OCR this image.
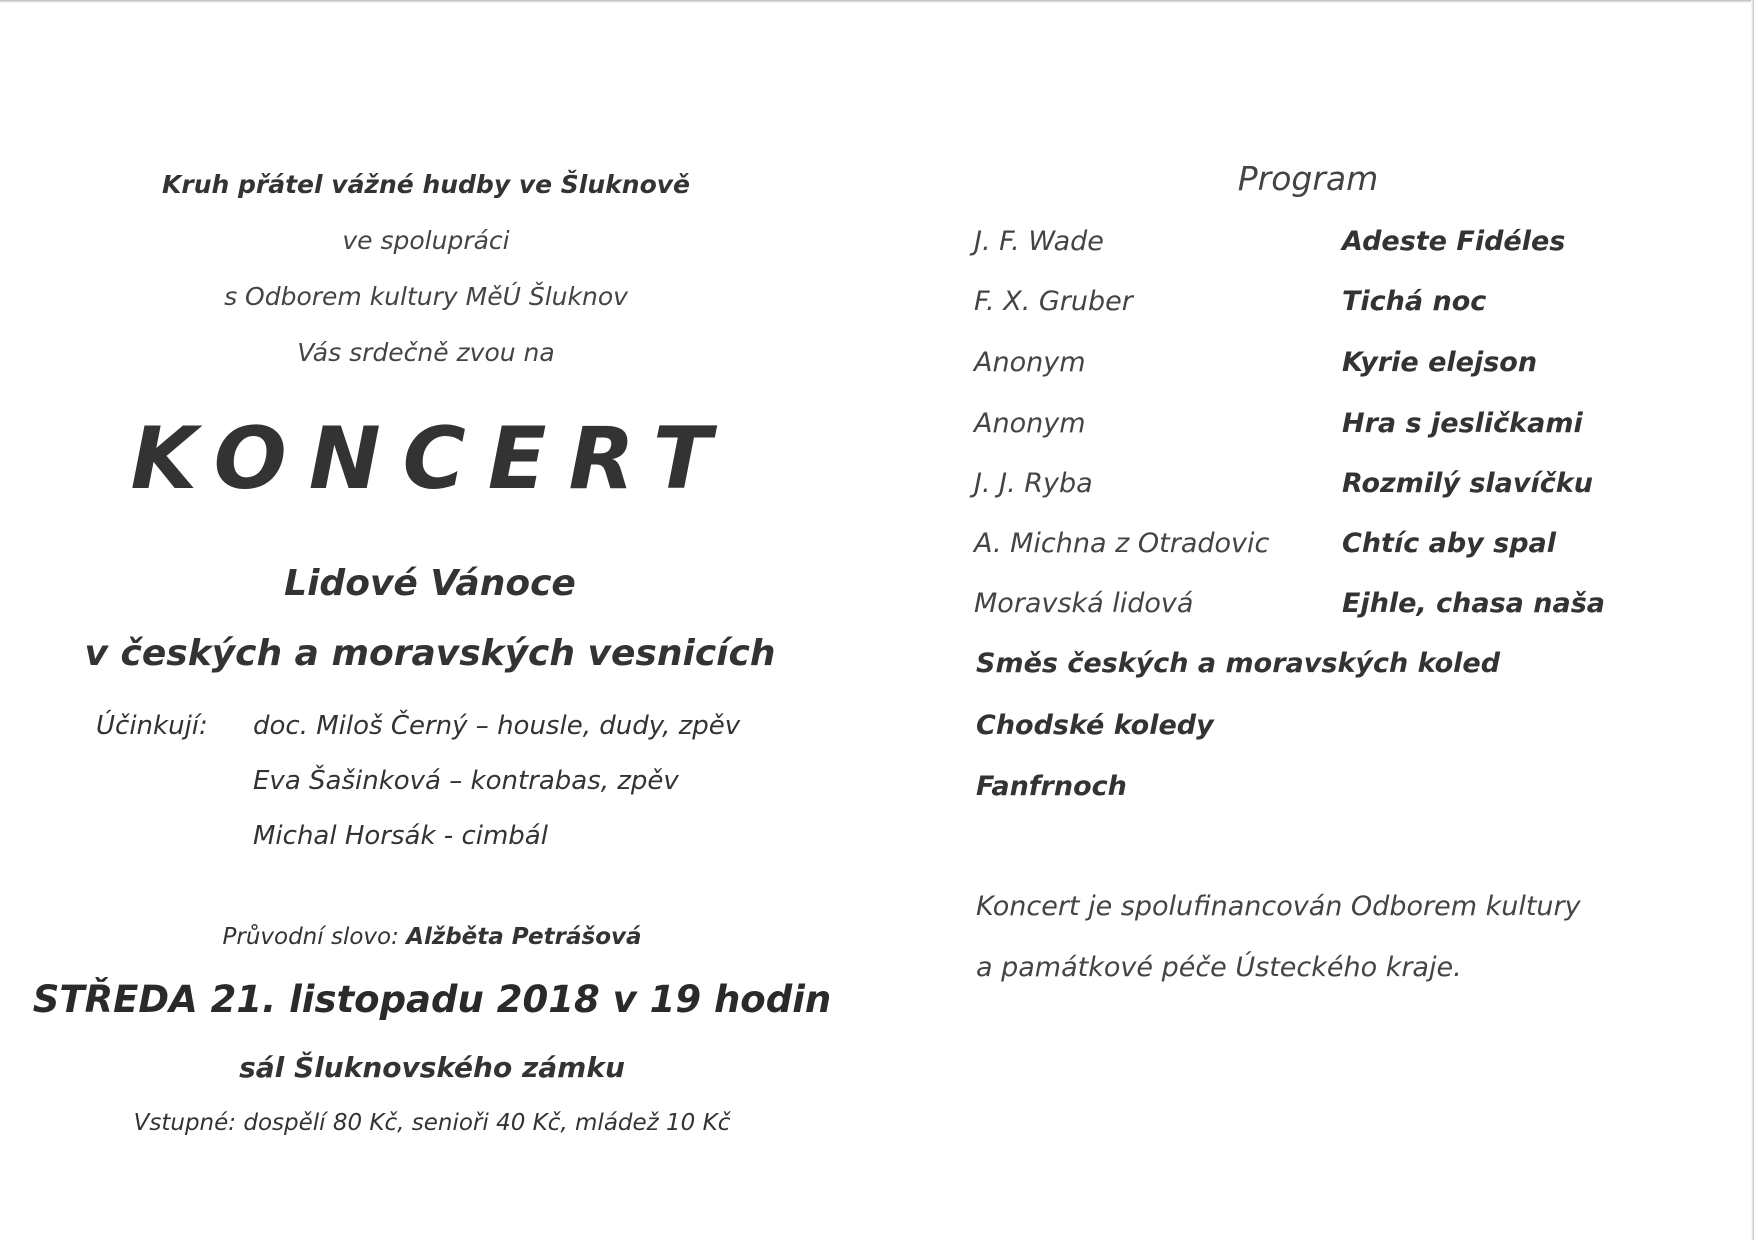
Kruh přátel vážné hudby ve Šluknově
ve spolupráci
s Odborem kultury MěÚ Šluknov
Vás srdečně zvou na
KONCERT
Lidové Vánoce
v českých a moravských vesnicích
Účinkují: doc. Miloš Černý – housle, dudy, zpěv
Eva Šašinková – kontrabas, zpěv
Michal Horsák - cimbál
Průvodní slovo: Alžběta Petrášová
STŘEDA 21. listopadu 2018 v 19 hodin
sál Šluknovského zámku
Vstupné: dospělí 80 Kč, senioři 40 Kč, mládež 10 Kč
Program
J. F. Wade	Adeste Fidéles
F. X. Gruber	Tichá noc
Anonym	Kyrie elejson
Anonym	Hra s jesličkami
J. J. Ryba	Rozmilý slavíčku
A. Michna z Otradovic	Chtíc aby spal
Moravská lidová	Ejhle, chasa naša
Směs českých a moravských koled
Chodské koledy
Fanfrnoch
Koncert je spolufinancován Odborem kultury
a památkové péče Ústeckého kraje.
